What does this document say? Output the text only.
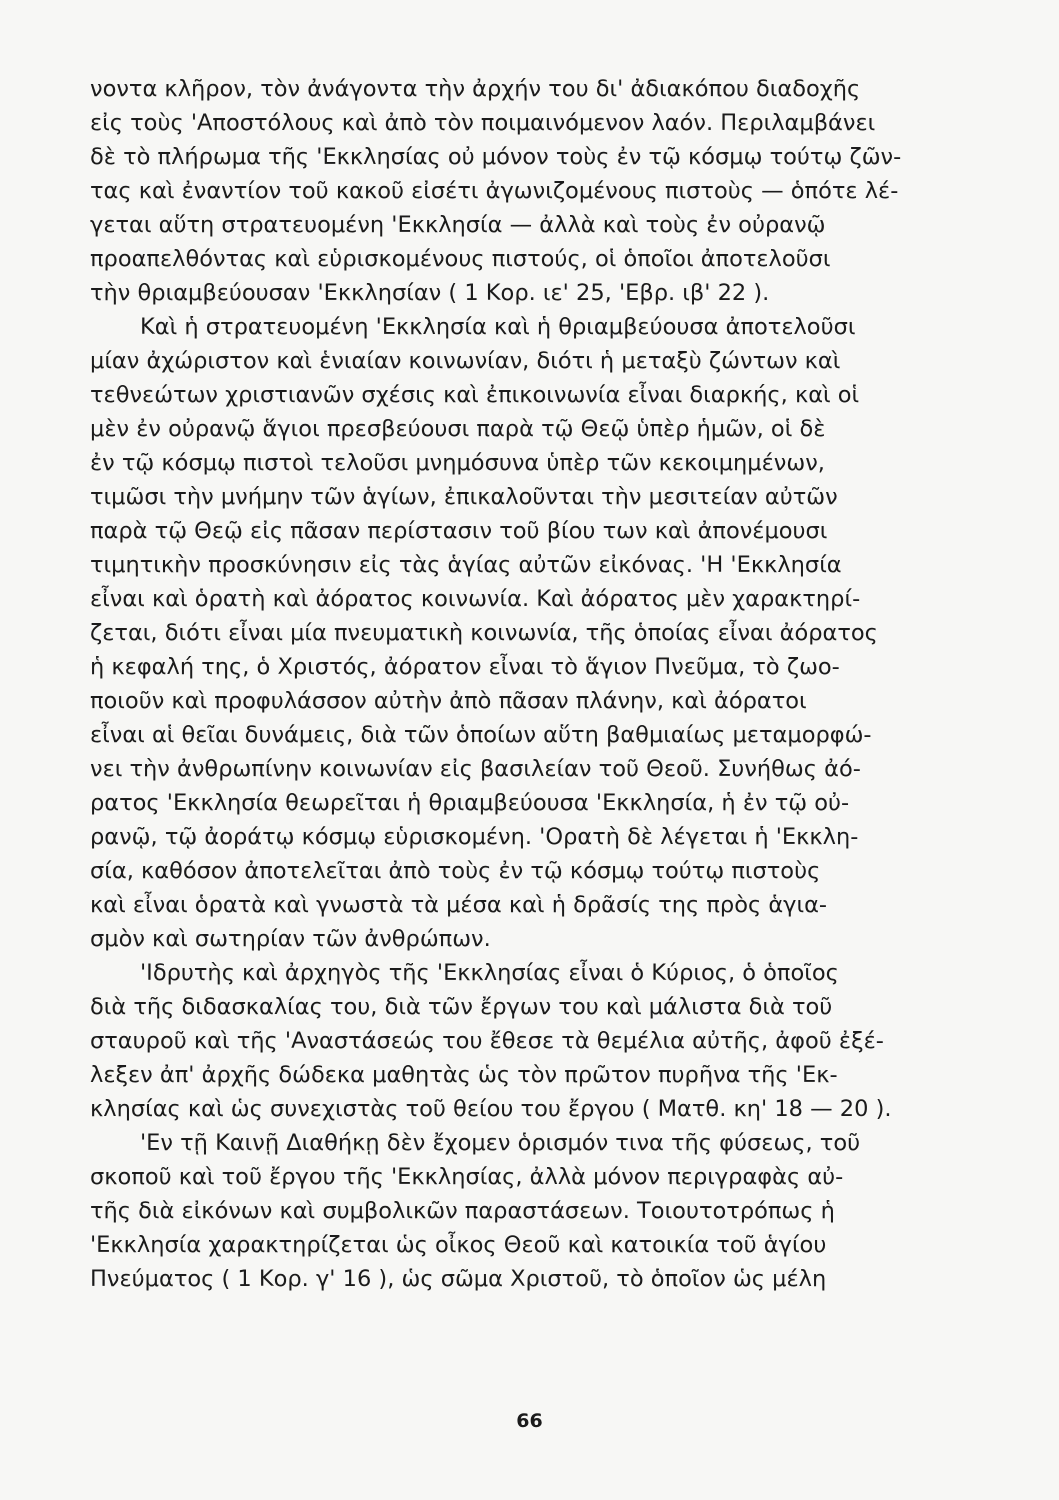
νοντα κλῆρον, τὸν ἀνάγοντα τὴν ἀρχήν του δι' ἀδιακόπου διαδοχῆς
εἰς τοὺς 'Αποστόλους καὶ ἀπὸ τὸν ποιμαινόμενον λαόν. Περιλαμβάνει
δὲ τὸ πλήρωμα τῆς 'Εκκλησίας οὐ μόνον τοὺς ἐν τῷ κόσμῳ τούτῳ ζῶν-
τας καὶ ἐναντίον τοῦ κακοῦ εἰσέτι ἀγωνιζομένους πιστοὺς — ὁπότε λέ-
γεται αὕτη στρατευομένη 'Εκκλησία — ἀλλὰ καὶ τοὺς ἐν οὐρανῷ
προαπελθόντας καὶ εὑρισκομένους πιστούς, οἱ ὁποῖοι ἀποτελοῦσι
τὴν θριαμβεύουσαν 'Εκκλησίαν ( 1 Κορ. ιε' 25, 'Εβρ. ιβ' 22 ).
Καὶ ἡ στρατευομένη 'Εκκλησία καὶ ἡ θριαμβεύουσα ἀποτελοῦσι
μίαν ἀχώριστον καὶ ἑνιαίαν κοινωνίαν, διότι ἡ μεταξὺ ζώντων καὶ
τεθνεώτων χριστιανῶν σχέσις καὶ ἐπικοινωνία εἶναι διαρκής, καὶ οἱ
μὲν ἐν οὐρανῷ ἅγιοι πρεσβεύουσι παρὰ τῷ Θεῷ ὑπὲρ ἡμῶν, οἱ δὲ
ἐν τῷ κόσμῳ πιστοὶ τελοῦσι μνημόσυνα ὑπὲρ τῶν κεκοιμημένων,
τιμῶσι τὴν μνήμην τῶν ἁγίων, ἐπικαλοῦνται τὴν μεσιτείαν αὐτῶν
παρὰ τῷ Θεῷ εἰς πᾶσαν περίστασιν τοῦ βίου των καὶ ἀπονέμουσι
τιμητικὴν προσκύνησιν εἰς τὰς ἁγίας αὐτῶν εἰκόνας. 'Η 'Εκκλησία
εἶναι καὶ ὁρατὴ καὶ ἀόρατος κοινωνία. Καὶ ἀόρατος μὲν χαρακτηρί-
ζεται, διότι εἶναι μία πνευματικὴ κοινωνία, τῆς ὁποίας εἶναι ἀόρατος
ἡ κεφαλή της, ὁ Χριστός, ἀόρατον εἶναι τὸ ἅγιον Πνεῦμα, τὸ ζωο-
ποιοῦν καὶ προφυλάσσον αὐτὴν ἀπὸ πᾶσαν πλάνην, καὶ ἀόρατοι
εἶναι αἱ θεῖαι δυνάμεις, διὰ τῶν ὁποίων αὕτη βαθμιαίως μεταμορφώ-
νει τὴν ἀνθρωπίνην κοινωνίαν εἰς βασιλείαν τοῦ Θεοῦ. Συνήθως ἀό-
ρατος 'Εκκλησία θεωρεῖται ἡ θριαμβεύουσα 'Εκκλησία, ἡ ἐν τῷ οὐ-
ρανῷ, τῷ ἀοράτῳ κόσμῳ εὑρισκομένη. 'Ορατὴ δὲ λέγεται ἡ 'Εκκλη-
σία, καθόσον ἀποτελεῖται ἀπὸ τοὺς ἐν τῷ κόσμῳ τούτῳ πιστοὺς
καὶ εἶναι ὁρατὰ καὶ γνωστὰ τὰ μέσα καὶ ἡ δρᾶσίς της πρὸς ἁγια-
σμὸν καὶ σωτηρίαν τῶν ἀνθρώπων.
'Ιδρυτὴς καὶ ἀρχηγὸς τῆς 'Εκκλησίας εἶναι ὁ Κύριος, ὁ ὁποῖος
διὰ τῆς διδασκαλίας του, διὰ τῶν ἔργων του καὶ μάλιστα διὰ τοῦ
σταυροῦ καὶ τῆς 'Αναστάσεώς του ἔθεσε τὰ θεμέλια αὐτῆς, ἀφοῦ ἐξέ-
λεξεν ἀπ' ἀρχῆς δώδεκα μαθητὰς ὡς τὸν πρῶτον πυρῆνα τῆς 'Εκ-
κλησίας καὶ ὡς συνεχιστὰς τοῦ θείου του ἔργου ( Ματθ. κη' 18 — 20 ).
'Εν τῇ Καινῇ Διαθήκῃ δὲν ἔχομεν ὁρισμόν τινα τῆς φύσεως, τοῦ
σκοποῦ καὶ τοῦ ἔργου τῆς 'Εκκλησίας, ἀλλὰ μόνον περιγραφὰς αὐ-
τῆς διὰ εἰκόνων καὶ συμβολικῶν παραστάσεων. Τοιουτοτρόπως ἡ
'Εκκλησία χαρακτηρίζεται ὡς οἶκος Θεοῦ καὶ κατοικία τοῦ ἁγίου
Πνεύματος ( 1 Κορ. γ' 16 ), ὡς σῶμα Χριστοῦ, τὸ ὁποῖον ὡς μέλη
66
